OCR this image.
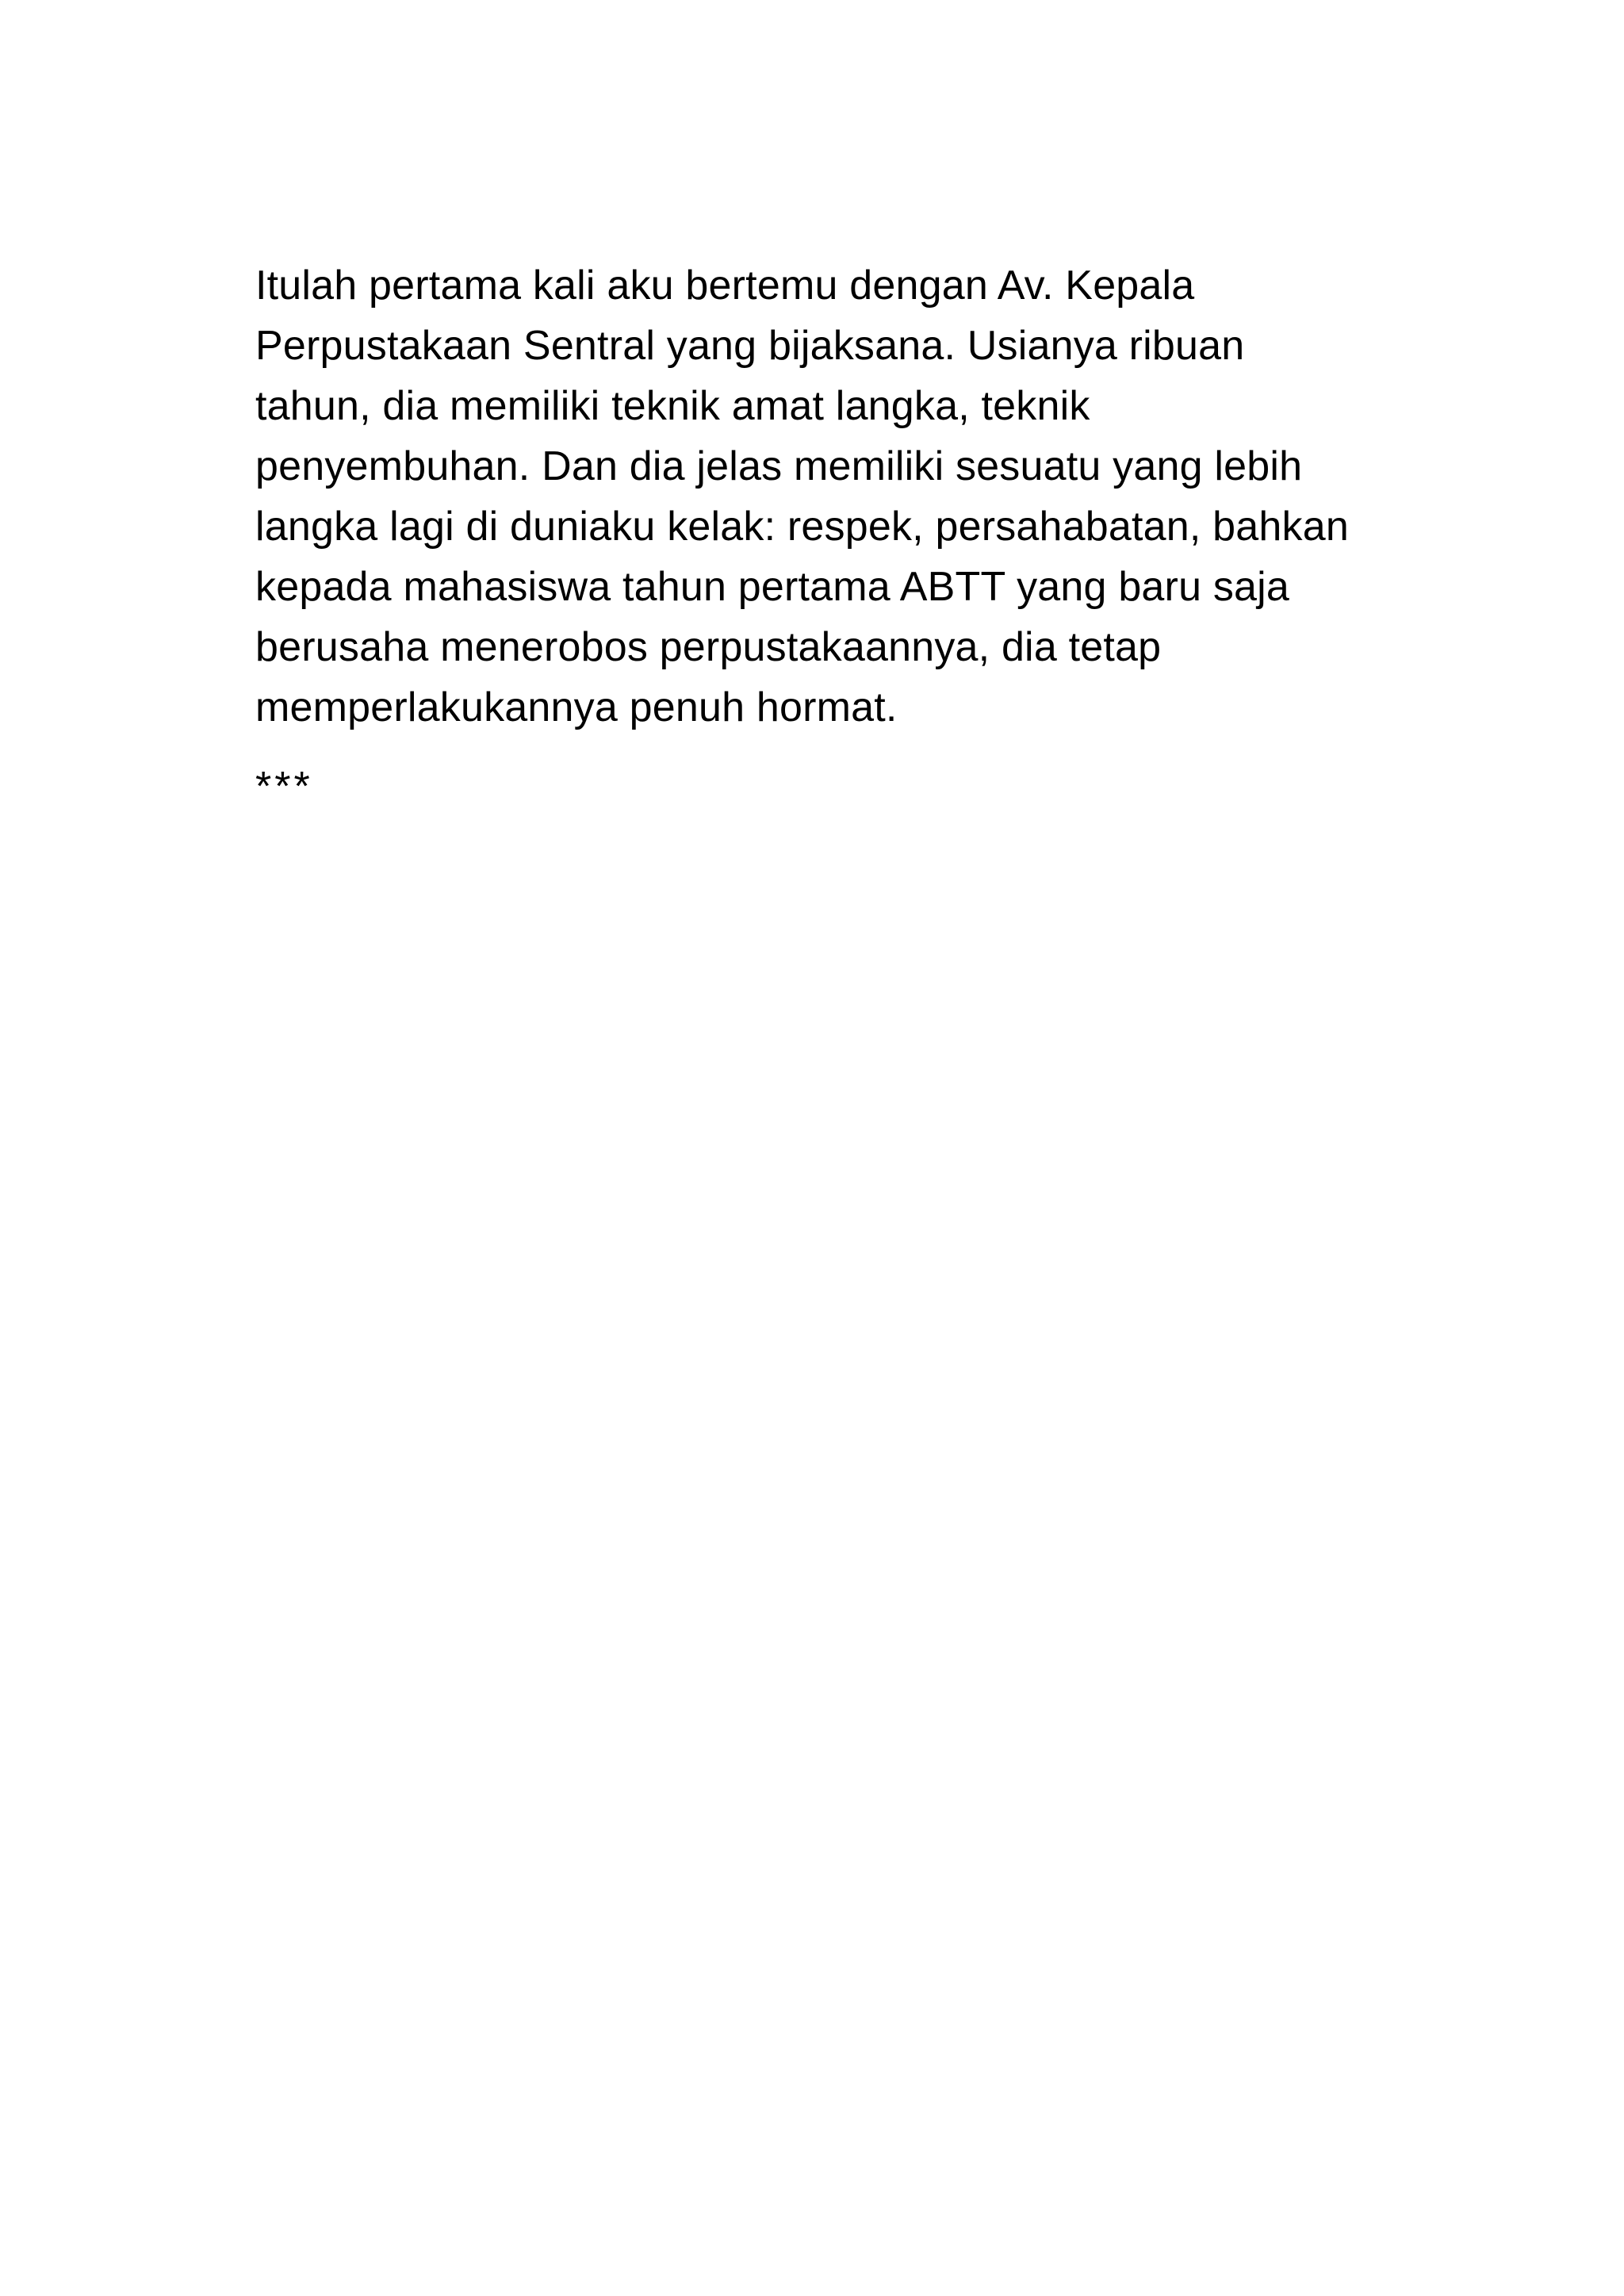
Itulah pertama kali aku bertemu dengan Av. Kepala
Perpustakaan Sentral yang bijaksana. Usianya ribuan
tahun, dia memiliki teknik amat langka, teknik
penyembuhan. Dan dia jelas memiliki sesuatu yang lebih
langka lagi di duniaku kelak: respek, persahabatan, bahkan
kepada mahasiswa tahun pertama ABTT yang baru saja
berusaha menerobos perpustakaannya, dia tetap
memperlakukannya penuh hormat.
***
